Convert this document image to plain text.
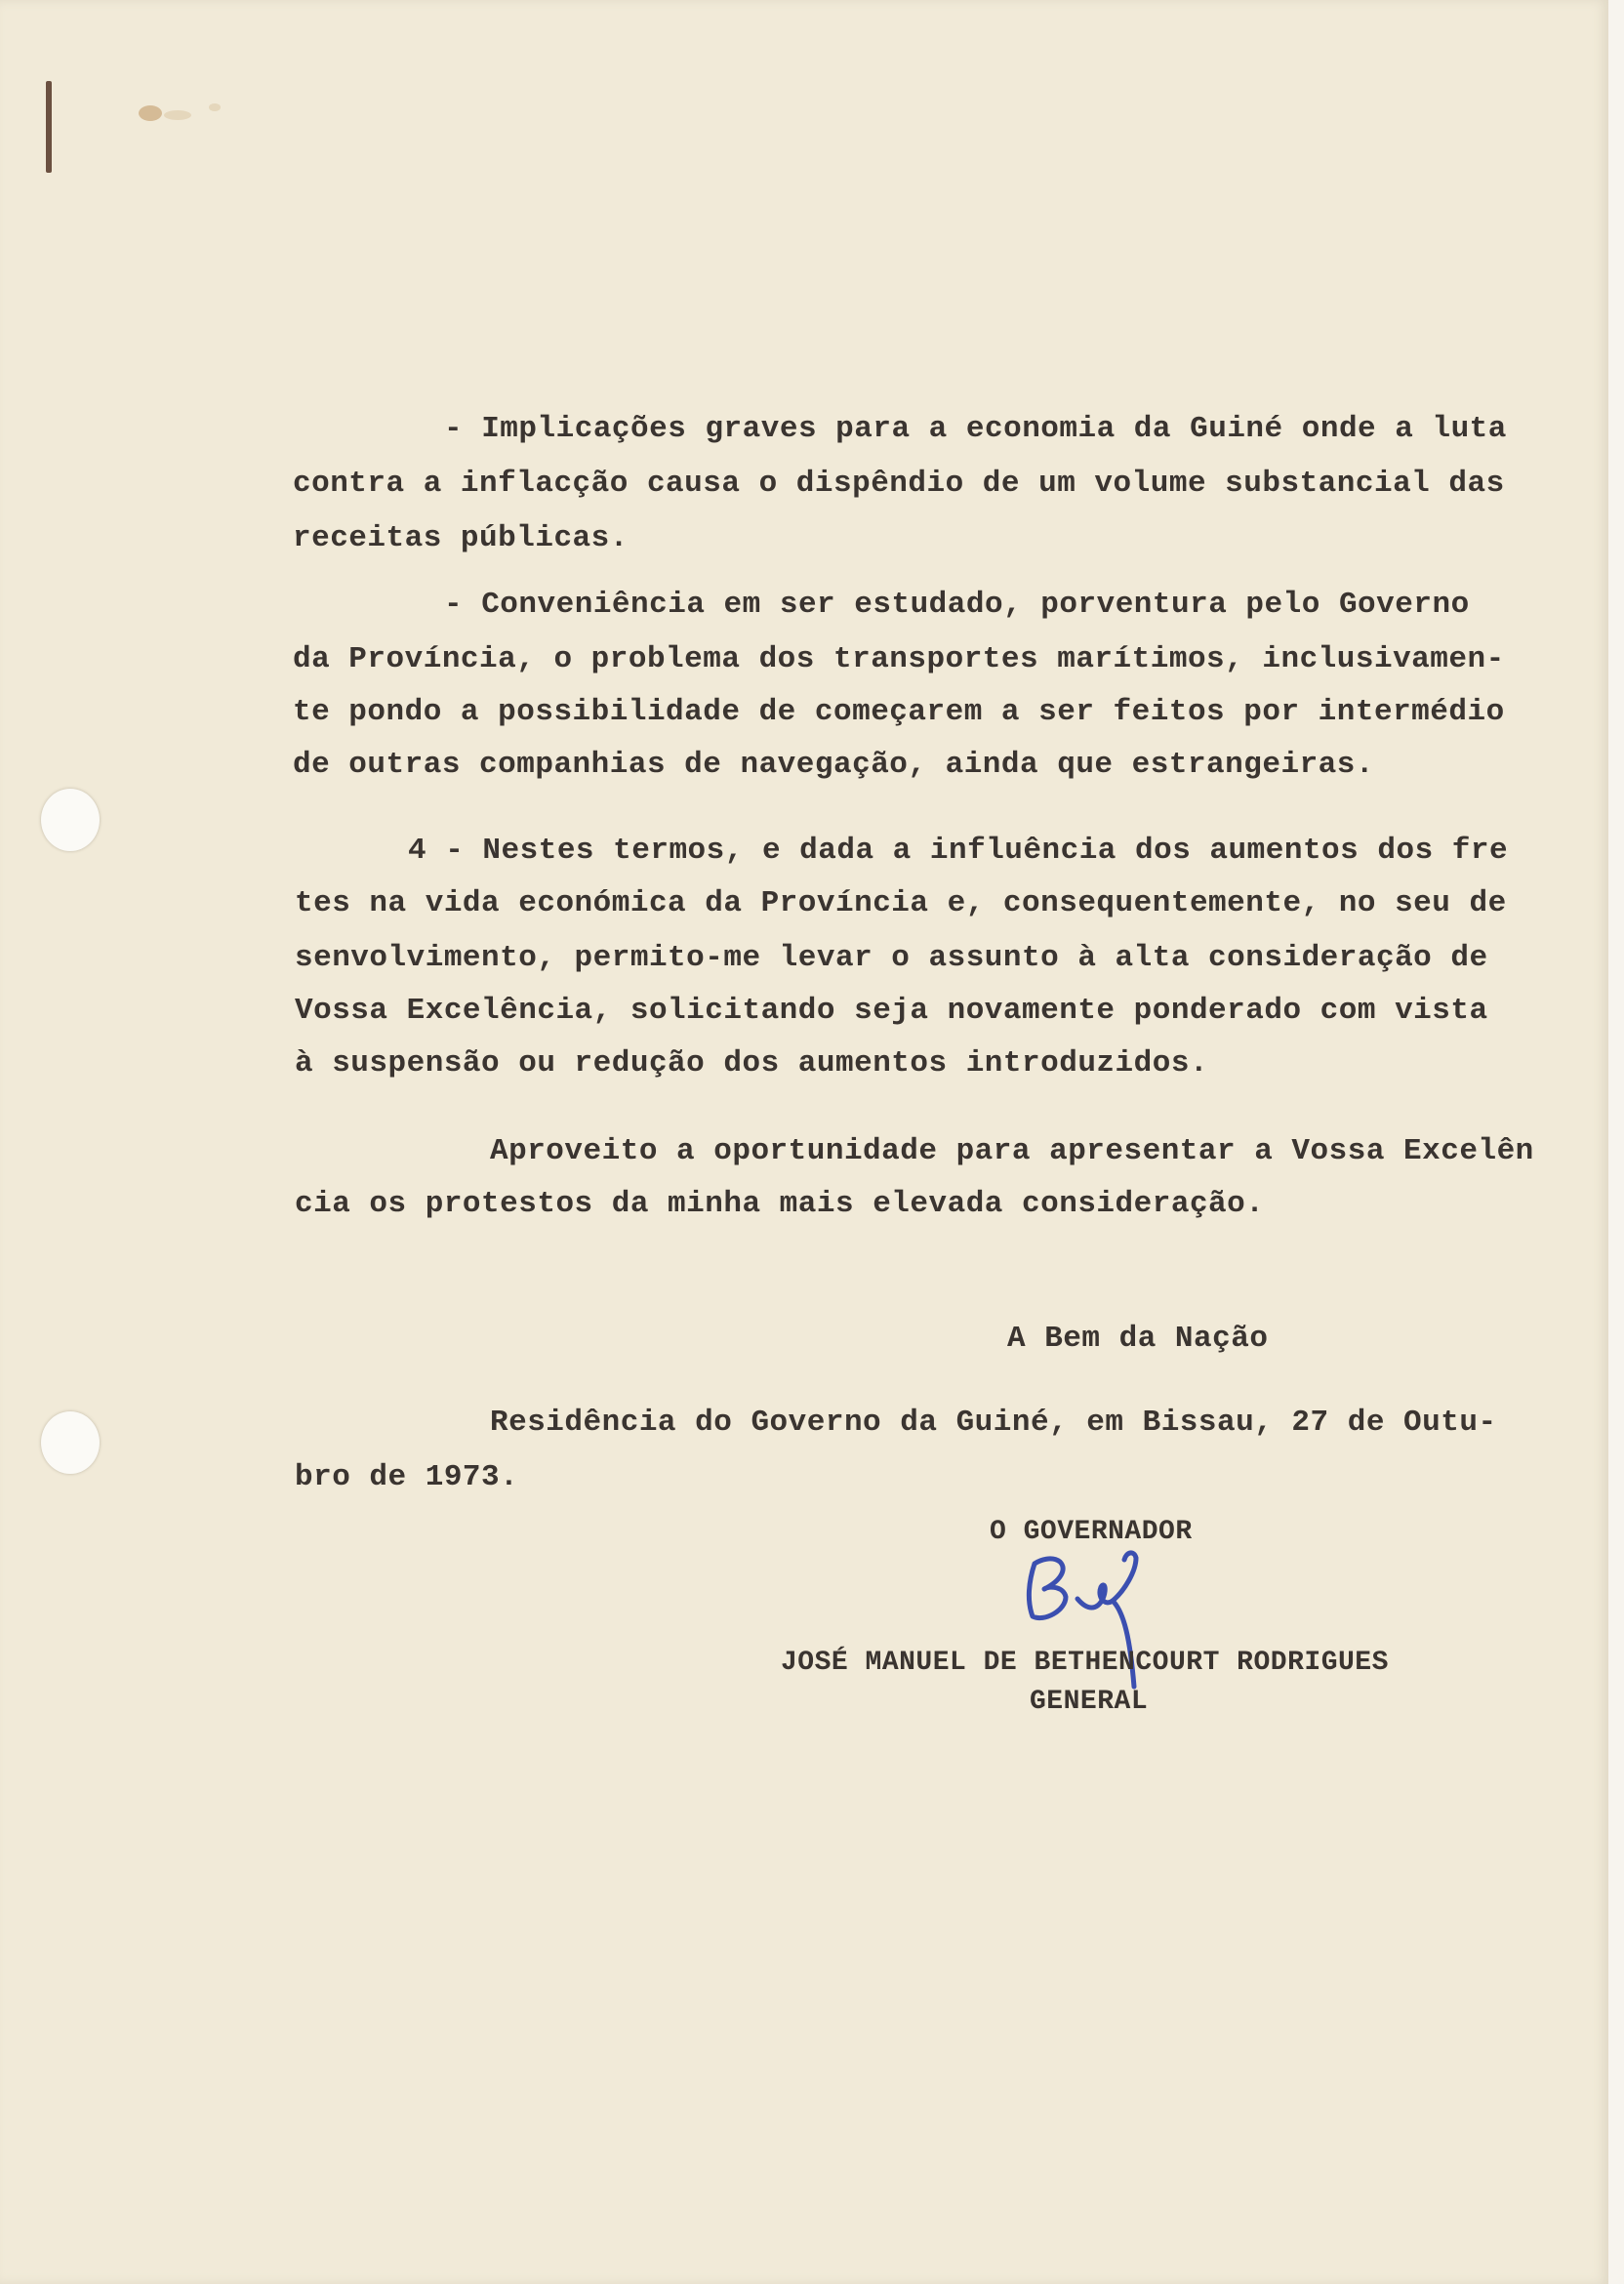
- Implicações graves para a economia da Guiné onde a luta
contra a inflacção causa o dispêndio de um volume substancial das
receitas públicas.
- Conveniência em ser estudado, porventura pelo Governo
da Província, o problema dos transportes marítimos, inclusivamen-
te pondo a possibilidade de começarem a ser feitos por intermédio
de outras companhias de navegação, ainda que estrangeiras.
4 - Nestes termos, e dada a influência dos aumentos dos fre
tes na vida económica da Província e, consequentemente, no seu de
senvolvimento, permito-me levar o assunto à alta consideração de
Vossa Excelência, solicitando seja novamente ponderado com vista
à suspensão ou redução dos aumentos introduzidos.
Aproveito a oportunidade para apresentar a Vossa Excelên
cia os protestos da minha mais elevada consideração.
A Bem da Nação
Residência do Governo da Guiné, em Bissau, 27 de Outu-
bro de 1973.
O GOVERNADOR
JOSÉ MANUEL DE BETHENCOURT RODRIGUES
GENERAL
